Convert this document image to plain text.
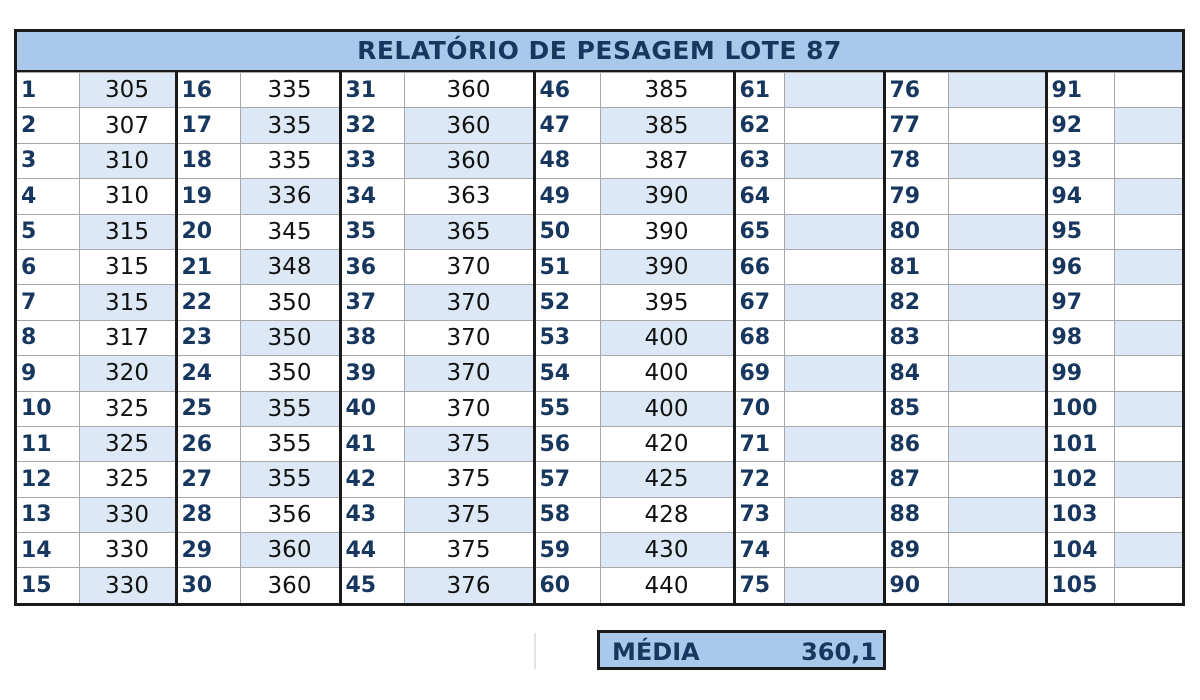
RELATÓRIO DE PESAGEM LOTE 87
1	305	16	335	31	360	46	385	61		76		91	
2	307	17	335	32	360	47	385	62		77		92	
3	310	18	335	33	360	48	387	63		78		93	
4	310	19	336	34	363	49	390	64		79		94	
5	315	20	345	35	365	50	390	65		80		95	
6	315	21	348	36	370	51	390	66		81		96	
7	315	22	350	37	370	52	395	67		82		97	
8	317	23	350	38	370	53	400	68		83		98	
9	320	24	350	39	370	54	400	69		84		99	
10	325	25	355	40	370	55	400	70		85		100	
11	325	26	355	41	375	56	420	71		86		101	
12	325	27	355	42	375	57	425	72		87		102	
13	330	28	356	43	375	58	428	73		88		103	
14	330	29	360	44	375	59	430	74		89		104	
15	330	30	360	45	376	60	440	75		90		105	
MÉDIA	360,1
